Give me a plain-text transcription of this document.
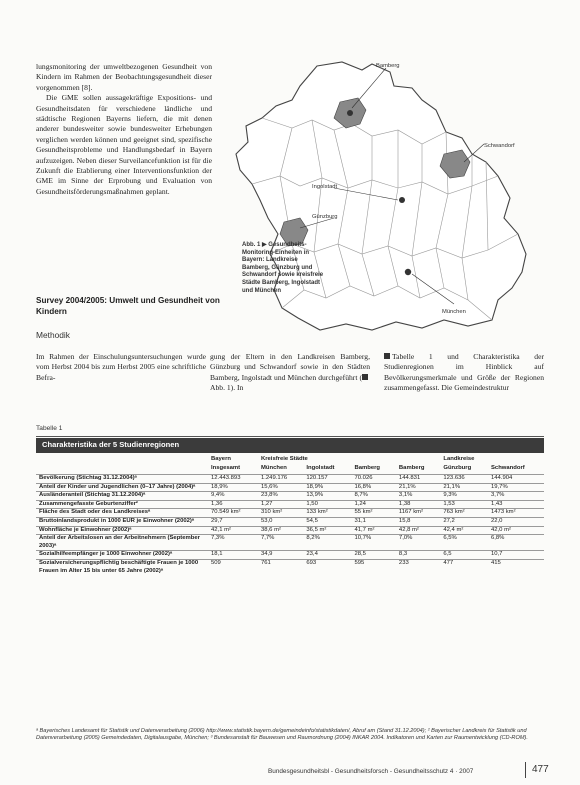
lungsmonitoring der umweltbezogenen Gesundheit von Kindern im Rahmen der Beobachtungsgesundheit dieser vorgenommen [8].

Die GME sollen aussagekräftige Expositions- und Gesundheitsdaten für verschiedene ländliche und städtische Regionen Bayerns liefern, die mit denen anderer bundesweiter sowie bundesweiter Erhebungen verglichen werden können und geeignet sind, spezifische Gesundheitsprobleme und Handlungsbedarf in Bayern aufzuzeigen. Neben dieser Surveilancefunktion ist für die Zukunft die Etablierung einer Interventionsfunktion der GME im Sinne der Erprobung und Evaluation von Gesundheitsförderungsmaßnahmen geplant.

Survey 2004/2005: Umwelt und Gesundheit von Kindern
Methodik

Im Rahmen der Einschulungsuntersuchungen wurde vom Herbst 2004 bis zum Herbst 2005 eine schriftliche Befra-

gung der Eltern in den Landkreisen Bamberg, Günzburg und Schwandorf sowie in den Städten Bamberg, Ingolstadt und München durchgeführt (Abb. 1). In

Tabelle 1 und Charakteristika der Studienregionen im Hinblick auf Bevölkerungsmerkmale und Größe der Regionen zusammengefasst. Die Gemeindestruktur

Bamberg
Schwandorf
Ingolstadt
Günzburg
München
Abb. 1 ▶ Gesundheits-Monitoring-Einheiten in Bayern: Landkreise Bamberg, Günzburg und Schwandorf sowie kreisfreie Städte Bamberg, Ingolstadt und München
Tabelle 1
Charakteristika der 5 Studienregionen
	Bayern	Kreisfreie Städte				Landkreise	
	Insgesamt	München	Ingolstadt	Bamberg	Bamberg	Günzburg	Schwandorf
Bevölkerung (Stichtag 31.12.2004)ᵃ	12.443.893	1.249.176	120.157	70.026	144.831	123.636	144.904
Anteil der Kinder und Jugendlichen (0–17 Jahre) (2004)ᵃ	18,9%	15,6%	18,9%	16,8%	21,1%	21,1%	19,7%
Ausländeranteil (Stichtag 31.12.2004)ᵃ	9,4%	23,8%	13,9%	8,7%	3,1%	9,3%	3,7%
Zusammengefasste Geburtenziffer²	1,36	1,27	1,50	1,24	1,38	1,53	1,43
Fläche des Stadt oder des Landkreisesᵃ	70.549 km²	310 km²	133 km²	55 km²	1167 km²	763 km²	1473 km²
Bruttoinlandsprodukt in 1000 EUR je Einwohner (2002)ᵃ	29,7	53,0	54,5	31,1	15,8	27,2	22,0
Wohnfläche je Einwohner (2002)ᵃ	42,1 m²	38,6 m²	36,5 m²	41,7 m²	42,8 m²	42,4 m²	42,0 m²
Anteil der Arbeitslosen an der Arbeitnehmern (September 2003)ᵃ	7,3%	7,7%	8,2%	10,7%	7,0%	6,5%	6,8%
Sozialhilfeempfänger je 1000 Einwohner (2002)ᵃ	18,1	34,9	23,4	28,5	8,3	6,5	10,7
Sozialversicherungspflichtig beschäftigte Frauen je 1000 Frauen im Alter 15 bis unter 65 Jahre (2002)ᵃ	509	761	693	595	233	477	415
ᵃ Bayerisches Landesamt für Statistik und Datenverarbeitung (2006) http://www.statistik.bayern.de/gemeindeinfo/statistikdaten/, Abruf am (Stand 31.12.2004); ² Bayerischer Landkreis für Statistik und Datenverarbeitung (2005) Gemeindedaten, Digitalausgabe, München; ³ Bundesanstalt für Bauwesen und Raumordnung (2004) INKAR 2004. Indikatoren und Karten zur Raumentwicklung (CD-ROM).
Bundesgesundheitsbl - Gesundheitsforsch - Gesundheitsschutz 4 · 2007	477
